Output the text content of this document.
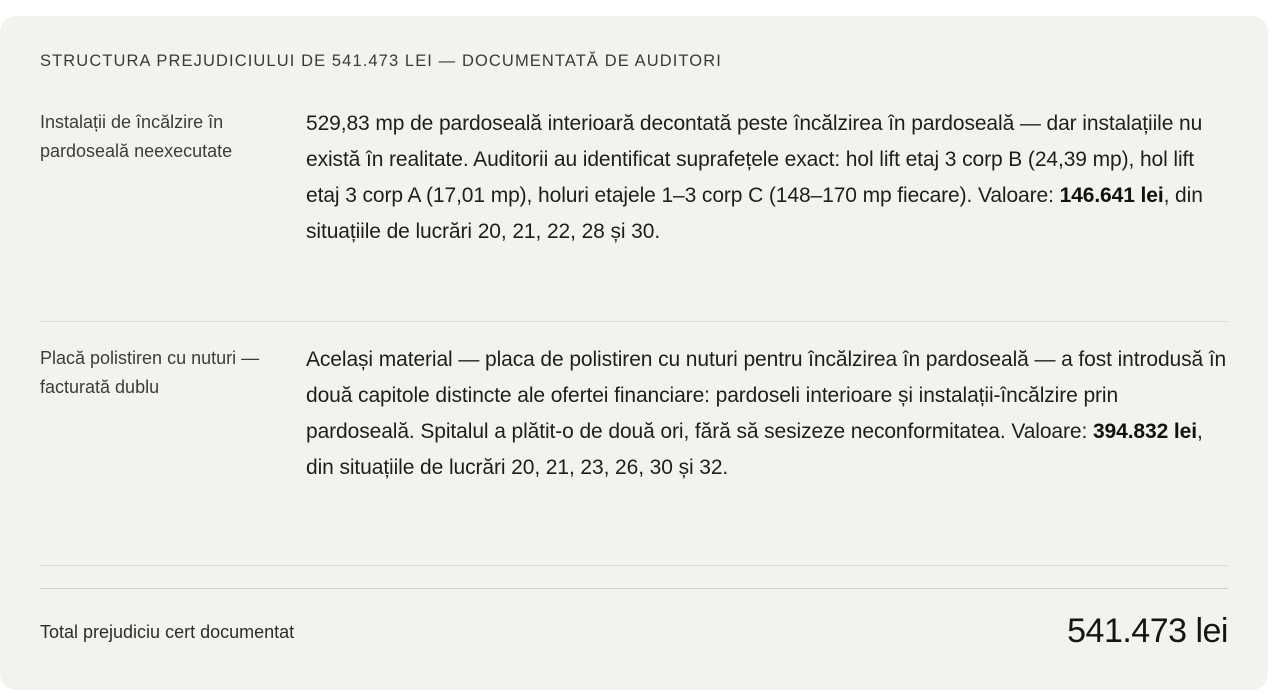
STRUCTURA PREJUDICIULUI DE 541.473 LEI — DOCUMENTATĂ DE AUDITORI
Instalații de încălzire în pardoseală neexecutate
529,83 mp de pardoseală interioară decontată peste încălzirea în pardoseală — dar instalațiile nu există în realitate. Auditorii au identificat suprafețele exact: hol lift etaj 3 corp B (24,39 mp), hol lift etaj 3 corp A (17,01 mp), holuri etajele 1–3 corp C (148–170 mp fiecare). Valoare: 146.641 lei, din situațiile de lucrări 20, 21, 22, 28 și 30.
Placă polistiren cu nuturi — facturată dublu
Același material — placa de polistiren cu nuturi pentru încălzirea în pardoseală — a fost introdusă în două capitole distincte ale ofertei financiare: pardoseli interioare și instalații-încălzire prin pardoseală. Spitalul a plătit-o de două ori, fără să sesizeze neconformitatea. Valoare: 394.832 lei, din situațiile de lucrări 20, 21, 23, 26, 30 și 32.
Total prejudiciu cert documentat	541.473 lei
